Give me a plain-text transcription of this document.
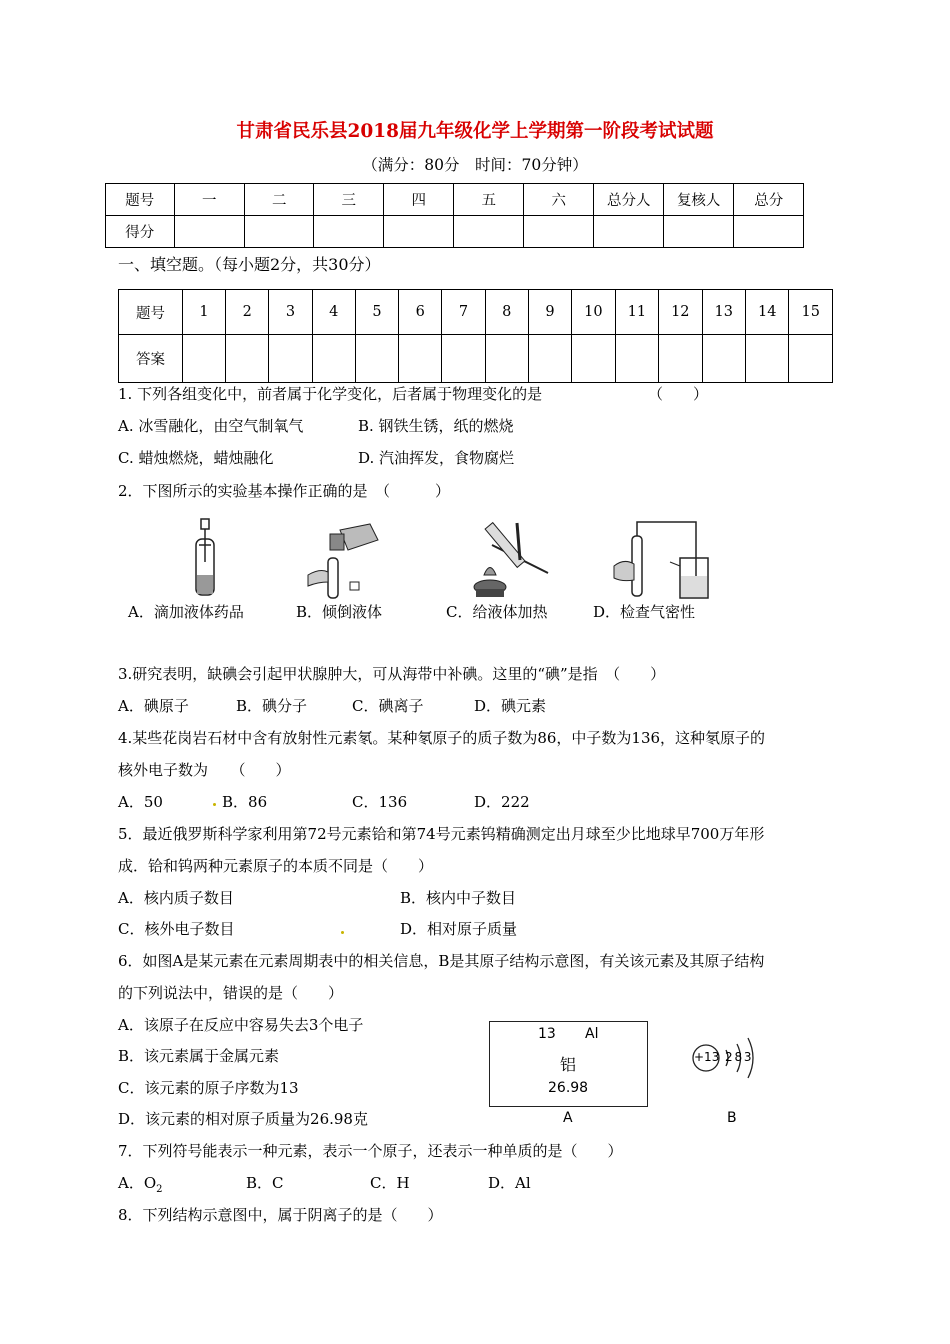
甘肃省民乐县2018届九年级化学上学期第一阶段考试试题
（满分：80分　时间：70分钟）
题号	一	二	三	四	五	六	总分人	复核人	总分
得分									
一、填空题。（每小题2分，共30分）
题号	1	2	3	4	5	6	7	8	9	10	11	12	13	14	15
答案															
1. 下列各组变化中，前者属于化学变化，后者属于物理变化的是	（　　）
A. 冰雪融化，由空气制氧气	B. 钢铁生锈，纸的燃烧
C. 蜡烛燃烧，蜡烛融化	D. 汽油挥发，食物腐烂
2．下图所示的实验基本操作正确的是　（　　　）
A．滴加液体药品	B．倾倒液体	C．给液体加热	D．检查气密性
3.研究表明，缺碘会引起甲状腺肿大，可从海带中补碘。这里的“碘”是指　（　　）
A．碘原子	B．碘分子	C．碘离子	D．碘元素
4.某些花岗岩石材中含有放射性元素氡。某种氡原子的质子数为86，中子数为136，这种氡原子的
核外电子数为　　（　　）
A．50	B．86	C．136	D．222
5．最近俄罗斯科学家利用第72号元素铪和第74号元素钨精确测定出月球至少比地球早700万年形
成．铪和钨两种元素原子的本质不同是（　　）
A．核内质子数目	B．核内中子数目
C．核外电子数目	D．相对原子质量
6．如图A是某元素在元素周期表中的相关信息，B是其原子结构示意图，有关该元素及其原子结构
的下列说法中，错误的是（　　）
A．该原子在反应中容易失去3个电子
B．该元素属于金属元素
C．该元素的原子序数为13
D．该元素的相对原子质量为26.98克
13 Al
铝
26.98
A
+13 2 8 3
B
7．下列符号能表示一种元素，表示一个原子，还表示一种单质的是（　　）
A．$O_2$	B．C	C．H	D．Al
8．下列结构示意图中，属于阴离子的是（　　）
